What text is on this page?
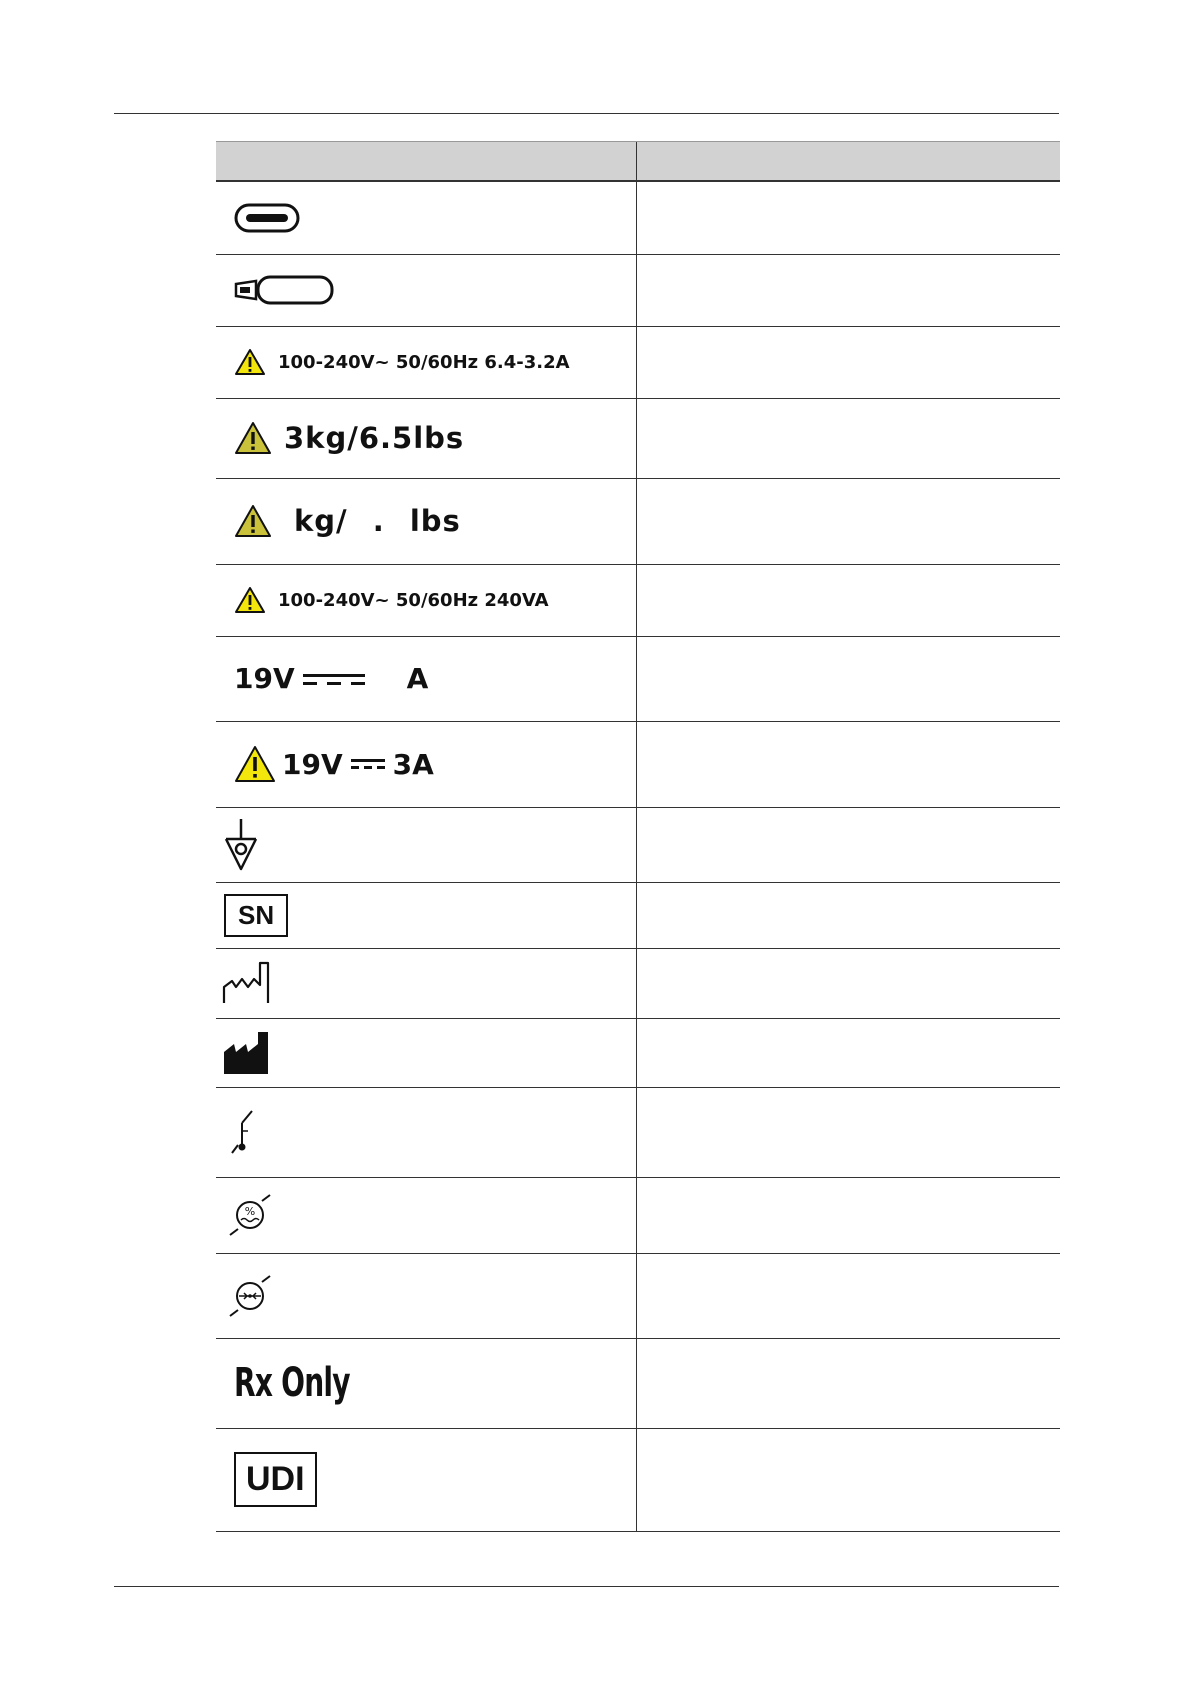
100-240V~ 50/60Hz 6.4-3.2A	

3kg/6.5lbs	

kg/ . lbs	

100-240V~ 50/60Hz 240VA	

19V A	

19V 3A	

SN	

%	

Rx Only	
UDI	
